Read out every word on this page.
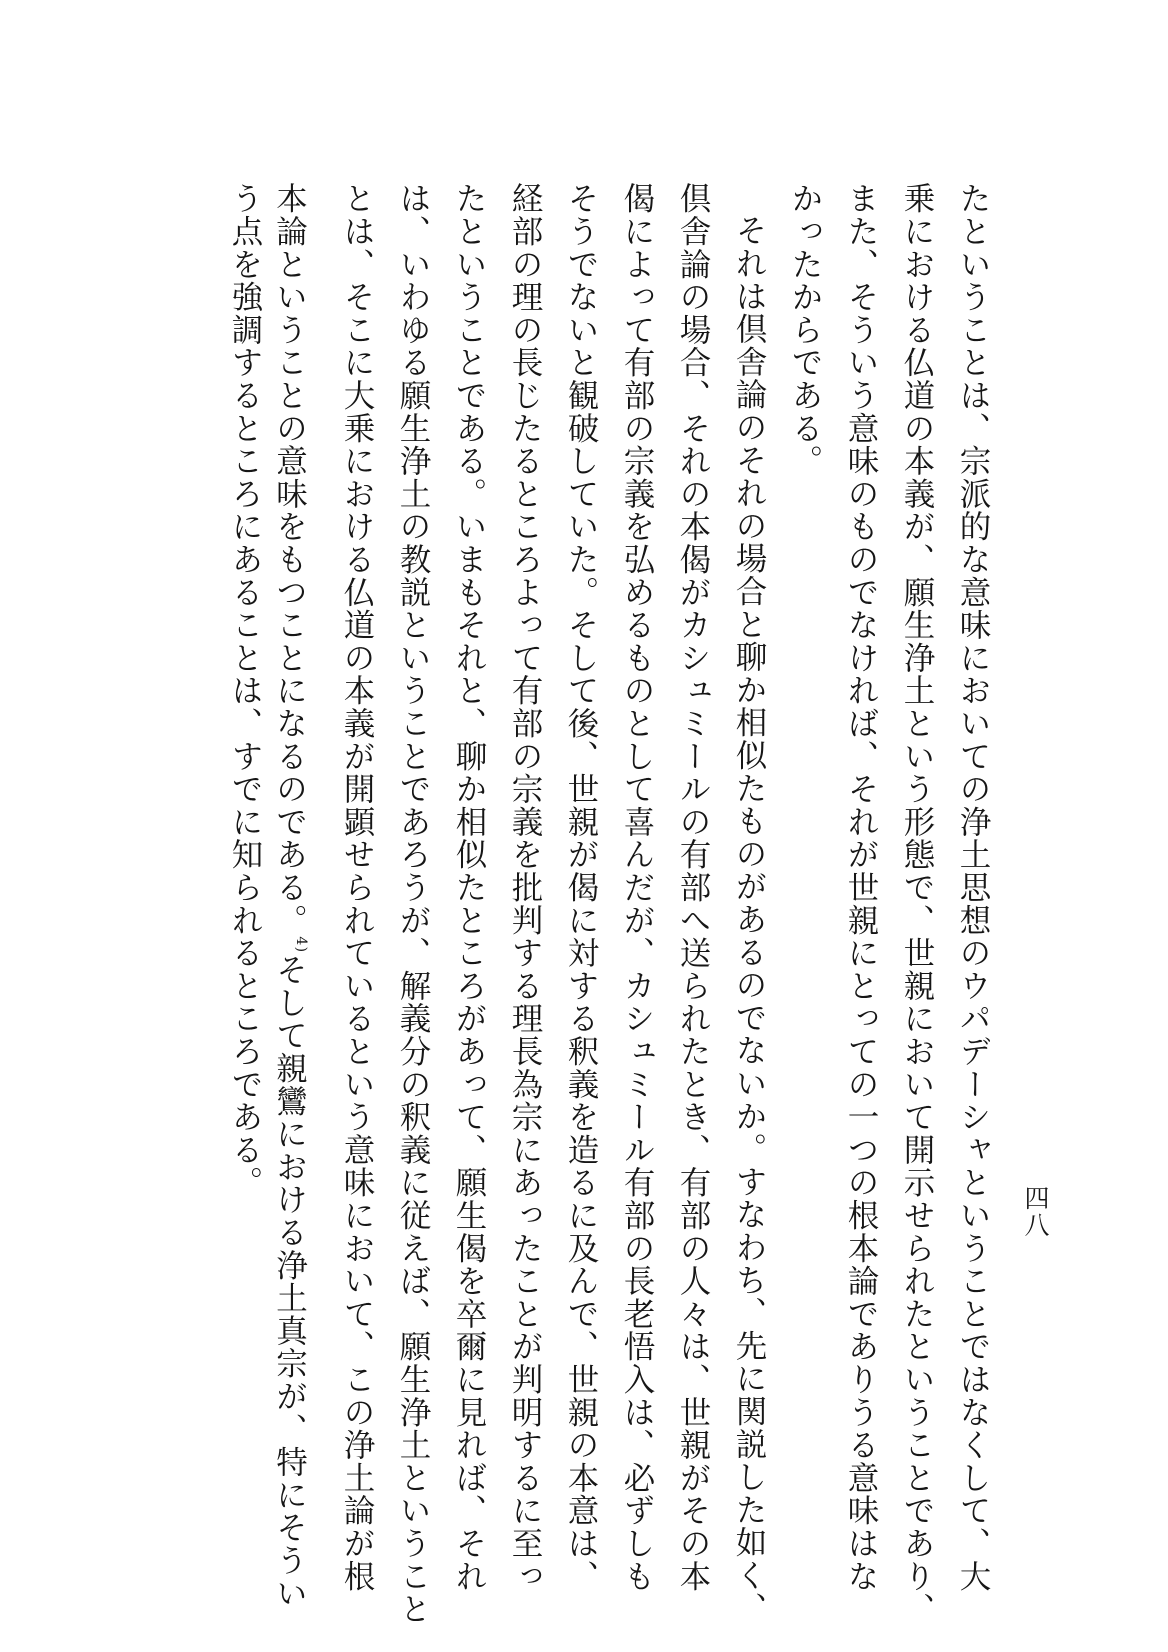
四八
たということは、宗派的な意味においての浄土思想のウパデーシャということではなくして、大
乗における仏道の本義が、願生浄土という形態で、世親において開示せられたということであり、
また、そういう意味のものでなければ、それが世親にとっての一つの根本論でありうる意味はな
かったからである。
それは倶舎論のそれの場合と聊か相似たものがあるのでないか。すなわち、先に関説した如く、
倶舎論の場合、それの本偈がカシュミールの有部へ送られたとき、有部の人々は、世親がその本
偈によって有部の宗義を弘めるものとして喜んだが、カシュミール有部の長老悟入は、必ずしも
そうでないと観破していた。そして後、世親が偈に対する釈義を造るに及んで、世親の本意は、
経部の理の長じたるところよって有部の宗義を批判する理長為宗にあったことが判明するに至っ
たということである。いまもそれと、聊か相似たところがあって、願生偈を卒爾に見れば、それ
は、いわゆる願生浄土の教説ということであろうが、解義分の釈義に従えば、願生浄土ということ
とは、そこに大乗における仏道の本義が開顕せられているという意味において、この浄土論が根
本論ということの意味をもつことになるのである。$^{4)}$そして親鸞における浄土真宗が、特にそうい
う点を強調するところにあることは、すでに知られるところである。
